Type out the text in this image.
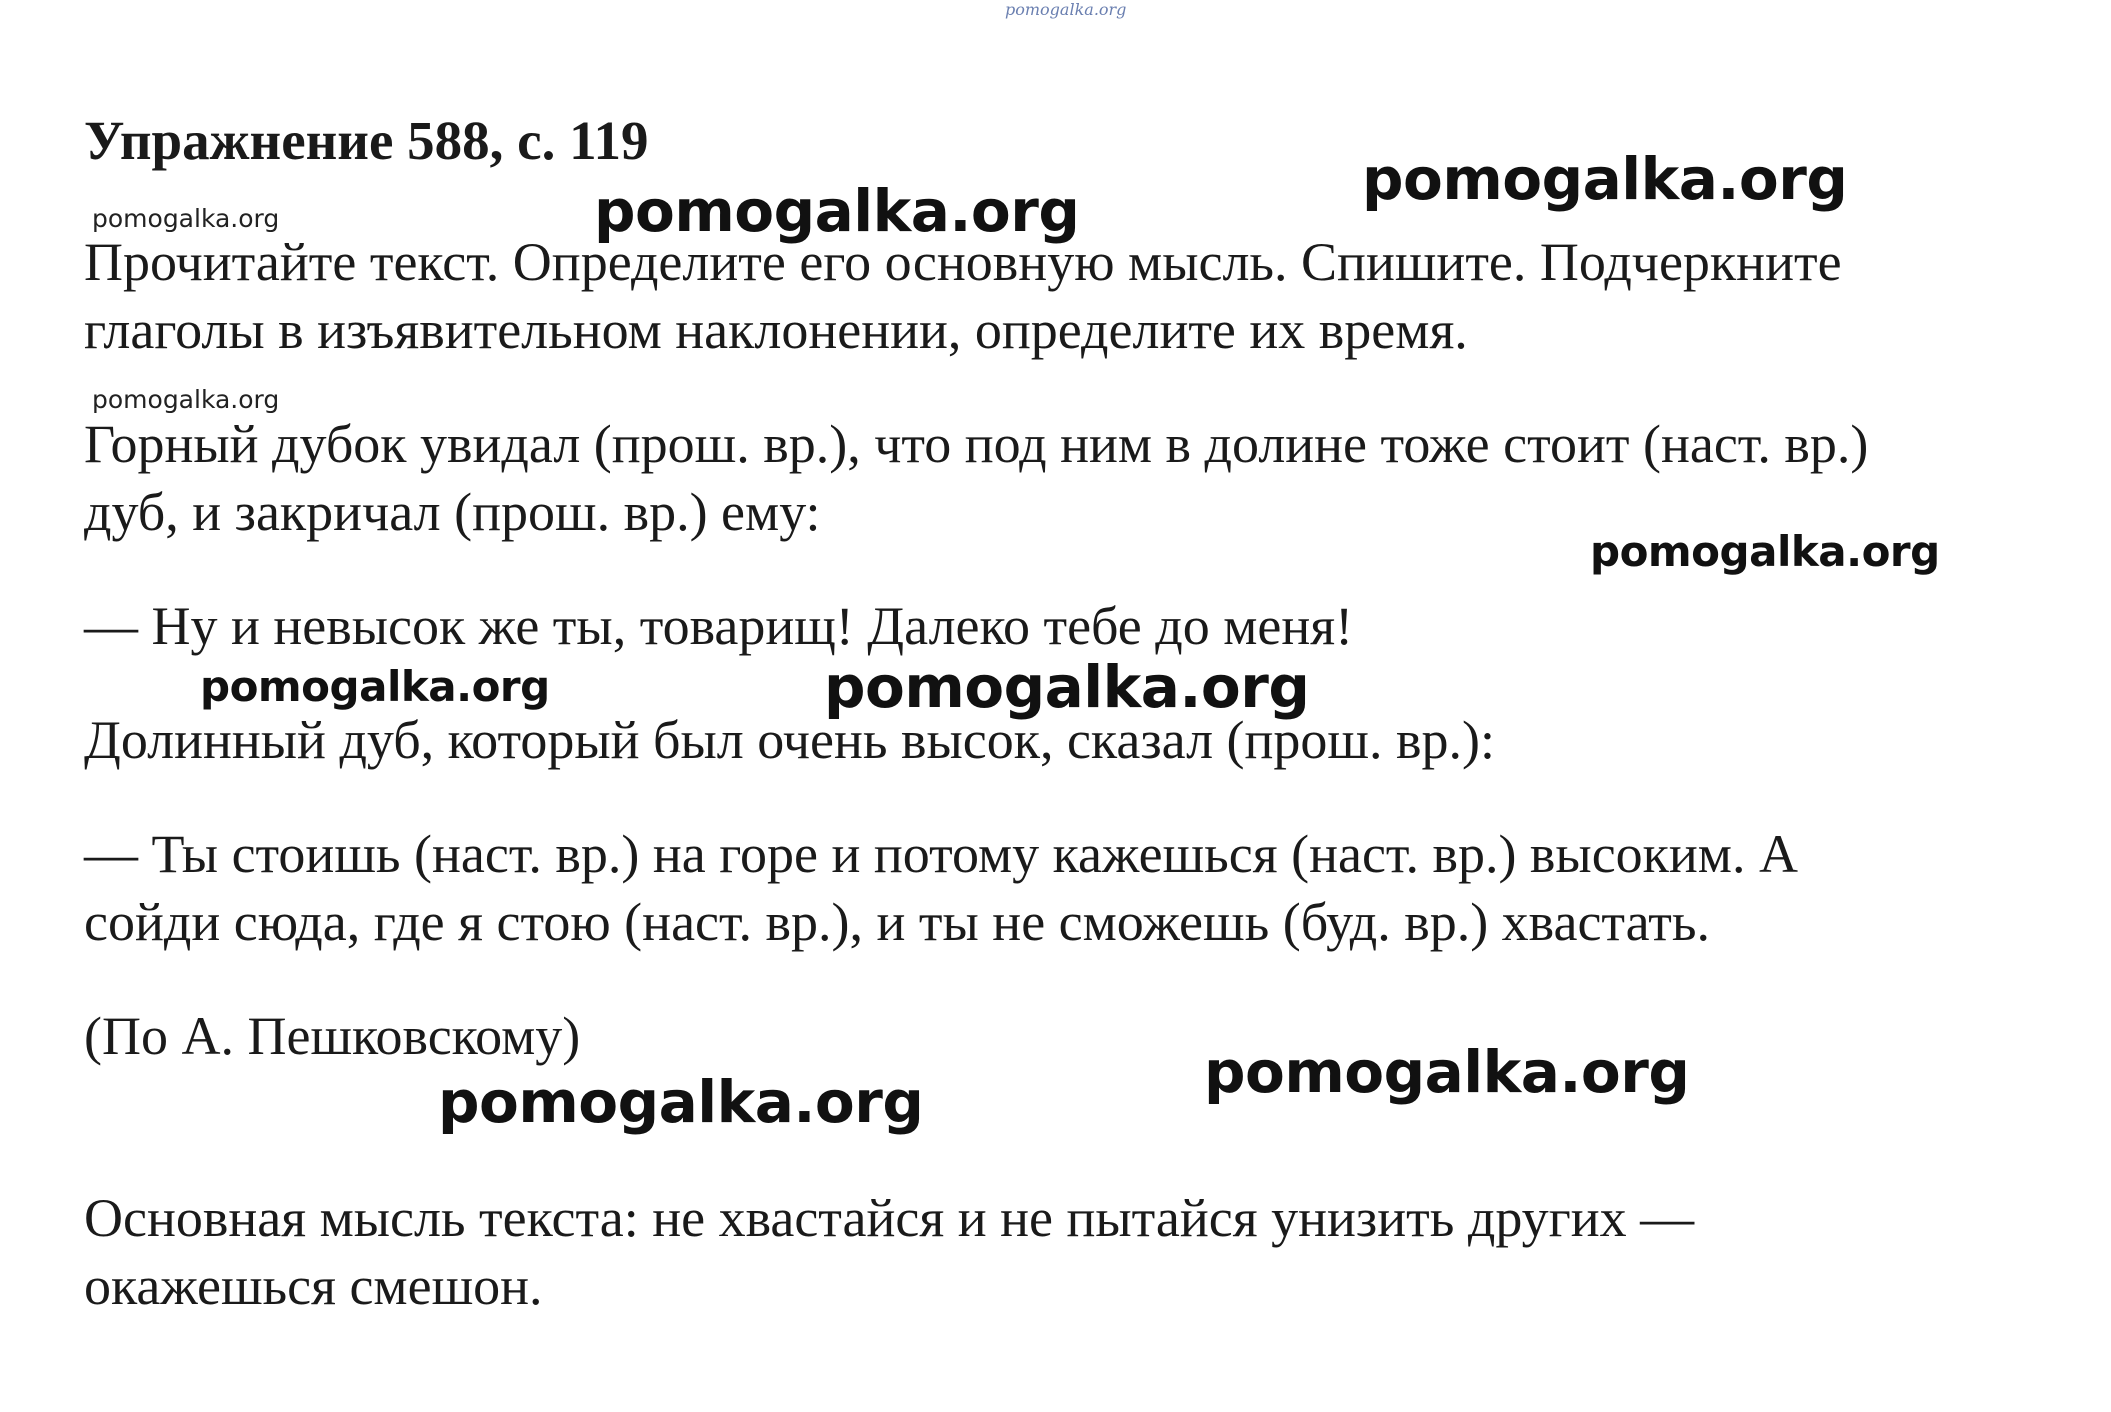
pomogalka.org
Упражнение 588, с. 119
Прочитайте текст. Определите его основную мысль. Спишите. Подчеркните
глаголы в изъявительном наклонении, определите их время.
Горный дубок увидал (прош. вр.), что под ним в долине тоже стоит (наст. вр.)
дуб, и закричал (прош. вр.) ему:
— Ну и невысок же ты, товарищ! Далеко тебе до меня!
Долинный дуб, который был очень высок, сказал (прош. вр.):
— Ты стоишь (наст. вр.) на горе и потому кажешься (наст. вр.) высоким. А
сойди сюда, где я стою (наст. вр.), и ты не сможешь (буд. вр.) хвастать.
(По А. Пешковскому)
Основная мысль текста: не хвастайся и не пытайся унизить других —
окажешься смешон.
pomogalka.org
pomogalka.org
pomogalka.org
pomogalka.org
pomogalka.org
pomogalka.org	pomogalka.org
pomogalka.org	pomogalka.org
